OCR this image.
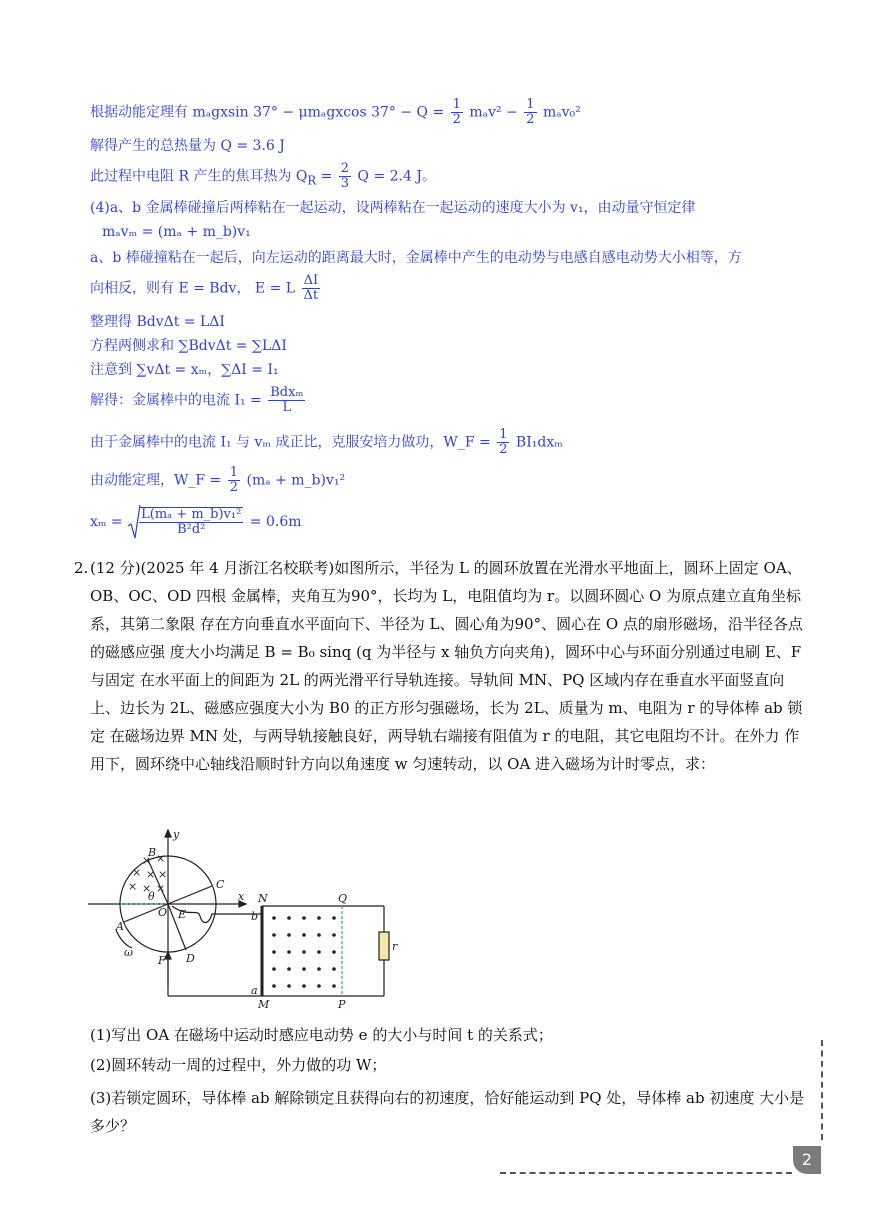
根据动能定理有 mₐgxsin 37° − μmₐgxcos $37^\circ - Q = \frac{1}{2} m_av^2 - \frac{1}{2} m_av_0^2$
解得产生的总热量为 Q = 3.6 J
此过程中电阻 R 产生的焦耳热为 $Q_R = \frac{2}{3}$ Q = 2.4 J。
(4)a、b 金属棒碰撞后两棒粘在一起运动，设两棒粘在一起运动的速度大小为 v₁，由动量守恒定律
mₐvₘ = (mₐ + m_b)v₁
a、b 棒碰撞粘在一起后，向左运动的距离最大时，金属棒中产生的电动势与电感自感电动势大小相等，方
向相反，则有 E = Bdv， E = L $\frac{\Delta I}{\Delta t}$
整理得 BdvΔt = LΔI
方程两侧求和 ∑BdvΔt = ∑LΔI
注意到 ∑vΔt = xₘ，∑ΔI = I₁
解得：金属棒中的电流 $I_1 = \frac{\text{Bdxₘ}}{L}$
由于金属棒中的电流 I₁ 与 vₘ 成正比，克服安培力做功，W_F = $\frac{1}{2} BI_1dx_m$
由动能定理，W_F = $\frac{1}{2} (m_a$ + m_b)v₁²
$x_m = \frac{\text{L(mₐ + m\_b)v₁²}}{\text{B²d²}} = 0.6m$
2. (12 分)(2025 年 4 月浙江名校联考)如图所示，半径为 L 的圆环放置在光滑水平地面上，圆环上固定 OA、OB、OC、OD 四根 金属棒，夹角互为90°，长均为 L，电阻值均为 r。以圆环圆心 O 为原点建立直角坐标系，其第二象限 存在方向垂直水平面向下、半径为 L、圆心角为90°、圆心在 O 点的扇形磁场，沿半径各点的磁感应强 度大小均满足 B = B₀ sinq (q 为半径与 x 轴负方向夹角)，圆环中心与环面分别通过电刷 E、F 与固定 在水平面上的间距为 2L 的两光滑平行导轨连接。导轨间 MN、PQ 区域内存在垂直水平面竖直向上、边长为 2L、磁感应强度大小为 B0 的正方形匀强磁场，长为 2L、质量为 m、电阻为 r 的导体棒 ab 锁定 在磁场边界 MN 处，与两导轨接触良好，两导轨右端接有阻值为 r 的电阻，其它电阻均不计。在外力 作用下，圆环绕中心轴线沿顺时针方向以角速度 w 匀速转动，以 OA 进入磁场为计时零点，求：
× ×
× × ×
× × ×
y
x
B
C
O
θ
E
A
D
F
ω
N	Q
b
a
M	P
r
(1)写出 OA 在磁场中运动时感应电动势 e 的大小与时间 t 的关系式；
(2)圆环转动一周的过程中，外力做的功 W；
(3)若锁定圆环，导体棒 ab 解除锁定且获得向右的初速度，恰好能运动到 PQ 处，导体棒 ab 初速度 大小是多少？
2
